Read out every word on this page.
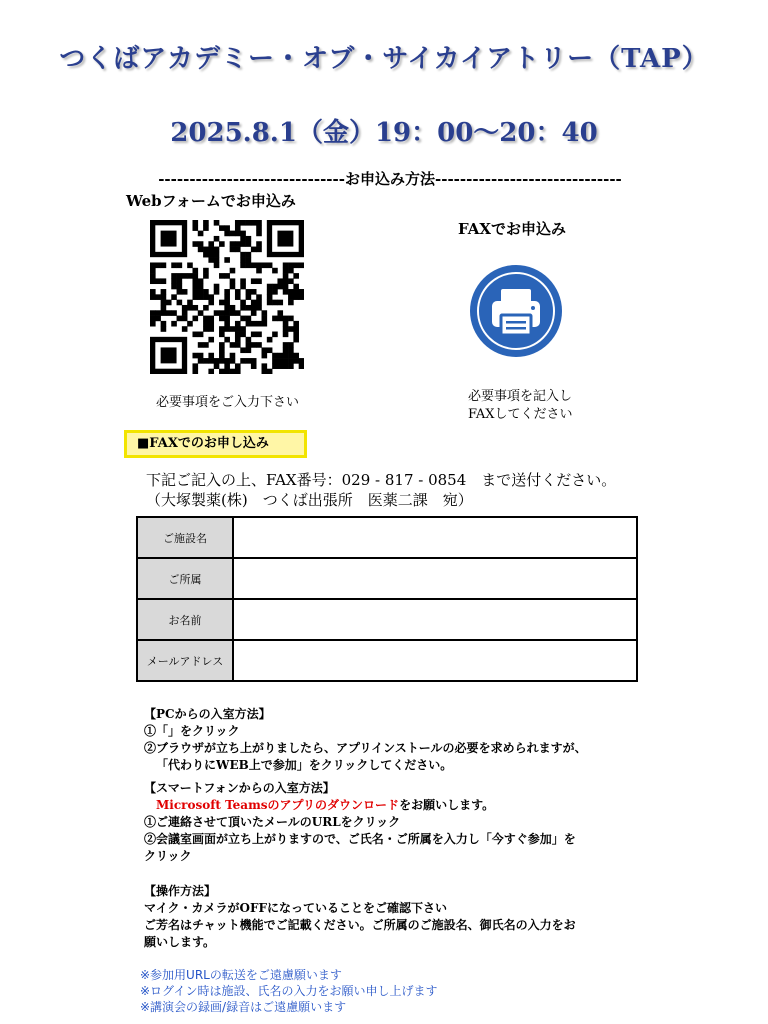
つくばアカデミー・オブ・サイカイアトリー（TAP）
2025.8.1（金）19：00～20：40
------------------------------お申込み方法------------------------------
Webフォームでお申込み
FAXでお申込み
必要事項をご入力下さい	必要事項を記入し
FAXしてください
■FAXでのお申し込み
下記ご記入の上、FAX番号：029 - 817 - 0854　まで送付ください。
（大塚製薬(株)　つくば出張所　医薬二課　宛）
ご施設名	
ご所属	
お名前	
メールアドレス	
【PCからの入室方法】
①「」をクリック
②ブラウザが立ち上がりましたら、アプリインストールの必要を求められますが、
「代わりにWEB上で参加」をクリックしてください。
【スマートフォンからの入室方法】
Microsoft Teamsのアプリのダウンロードをお願いします。
①ご連絡させて頂いたメールのURLをクリック
②会議室画面が立ち上がりますので、ご氏名・ご所属を入力し「今すぐ参加」を
クリック
【操作方法】
マイク・カメラがOFFになっていることをご確認下さい
ご芳名はチャット機能でご記載ください。ご所属のご施設名、御氏名の入力をお
願いします。
※参加用URLの転送をご遠慮願います
※ログイン時は施設、氏名の入力をお願い申し上げます
※講演会の録画/録音はご遠慮願います
